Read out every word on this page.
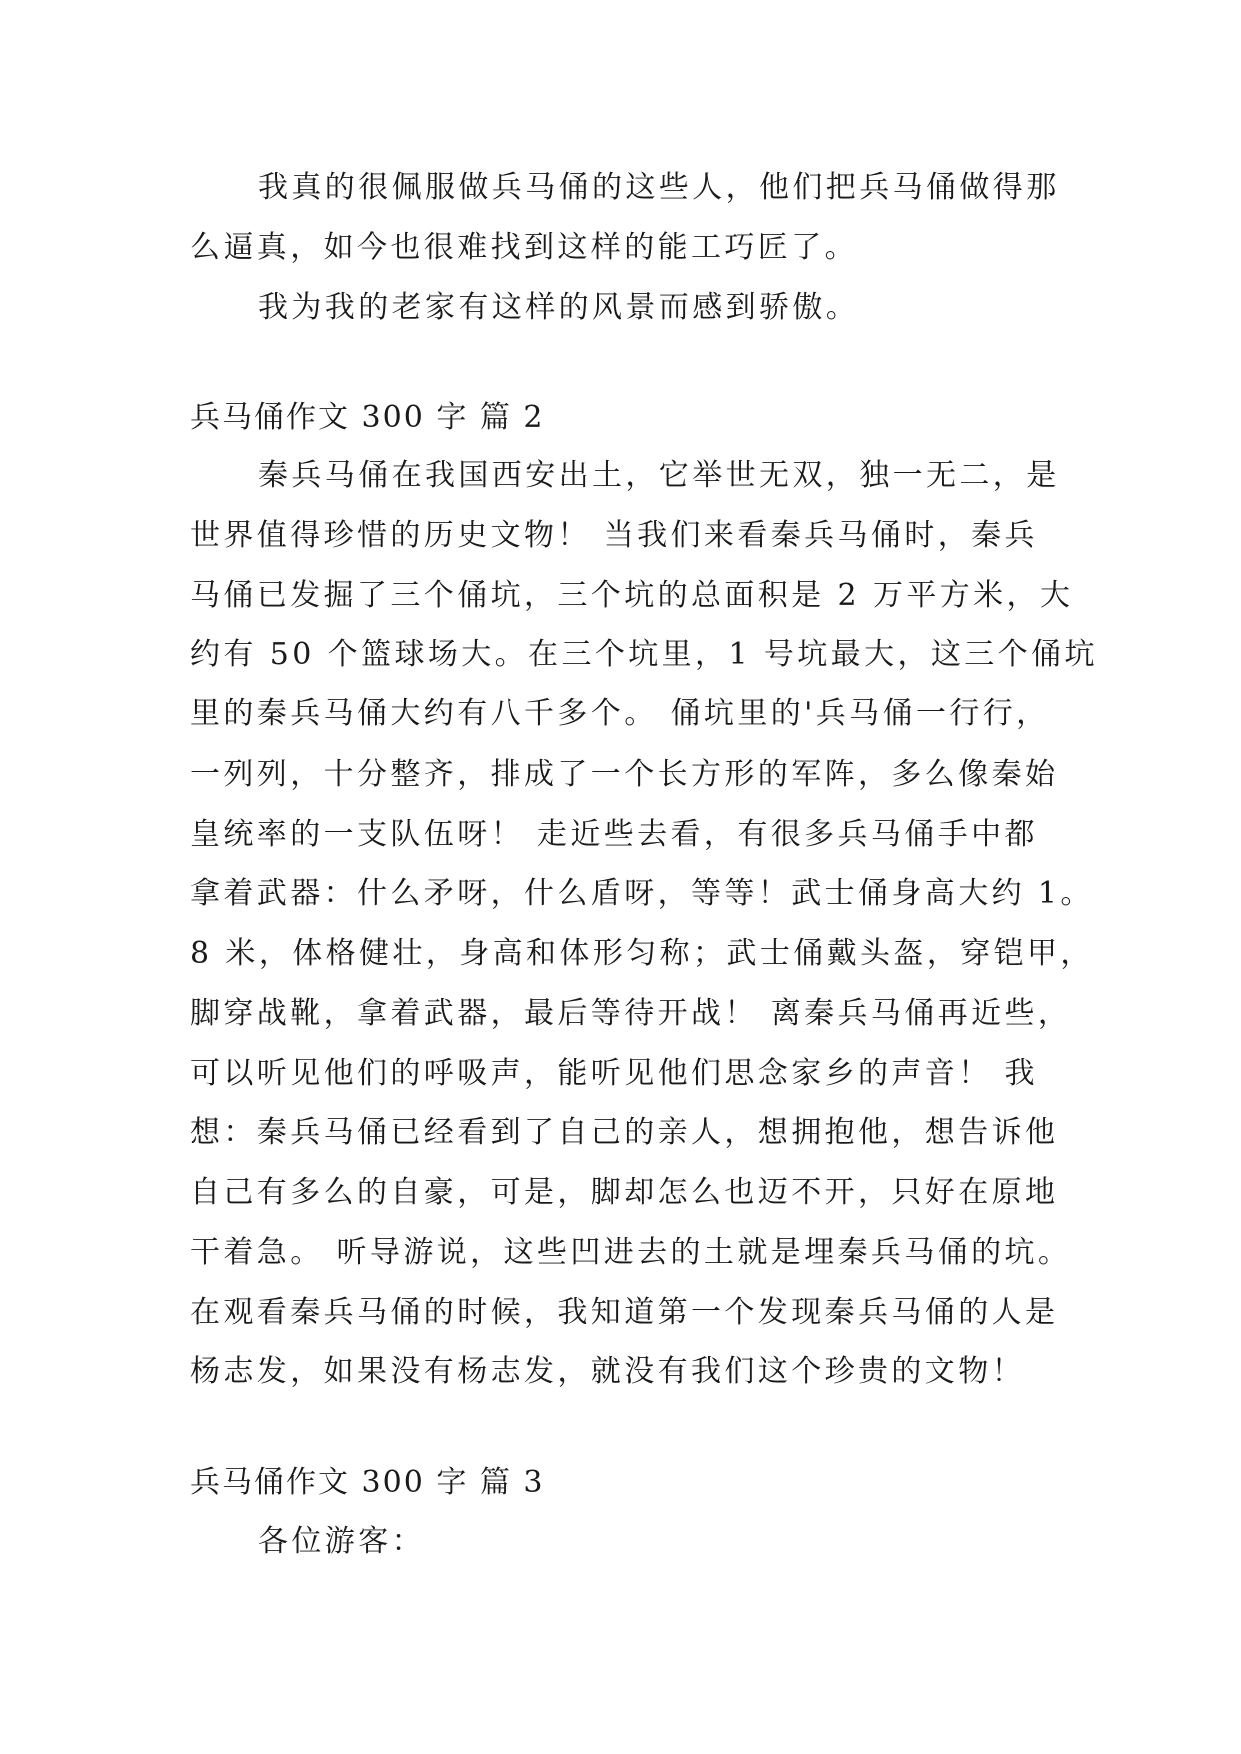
我真的很佩服做兵马俑的这些人，他们把兵马俑做得那
么逼真，如今也很难找到这样的能工巧匠了。
我为我的老家有这样的风景而感到骄傲。
兵马俑作文 300 字 篇 2
秦兵马俑在我国西安出土，它举世无双，独一无二，是
世界值得珍惜的历史文物！ 当我们来看秦兵马俑时，秦兵
马俑已发掘了三个俑坑，三个坑的总面积是 2 万平方米，大
约有 50 个篮球场大。在三个坑里，1 号坑最大，这三个俑坑
里的秦兵马俑大约有八千多个。 俑坑里的'兵马俑一行行，
一列列，十分整齐，排成了一个长方形的军阵，多么像秦始
皇统率的一支队伍呀！ 走近些去看，有很多兵马俑手中都
拿着武器：什么矛呀，什么盾呀，等等！武士俑身高大约 1。
8 米，体格健壮，身高和体形匀称；武士俑戴头盔，穿铠甲，
脚穿战靴，拿着武器，最后等待开战！ 离秦兵马俑再近些，
可以听见他们的呼吸声，能听见他们思念家乡的声音！ 我
想：秦兵马俑已经看到了自己的亲人，想拥抱他，想告诉他
自己有多么的自豪，可是，脚却怎么也迈不开，只好在原地
干着急。 听导游说，这些凹进去的土就是埋秦兵马俑的坑。
在观看秦兵马俑的时候，我知道第一个发现秦兵马俑的人是
杨志发，如果没有杨志发，就没有我们这个珍贵的文物！
兵马俑作文 300 字 篇 3
各位游客：
